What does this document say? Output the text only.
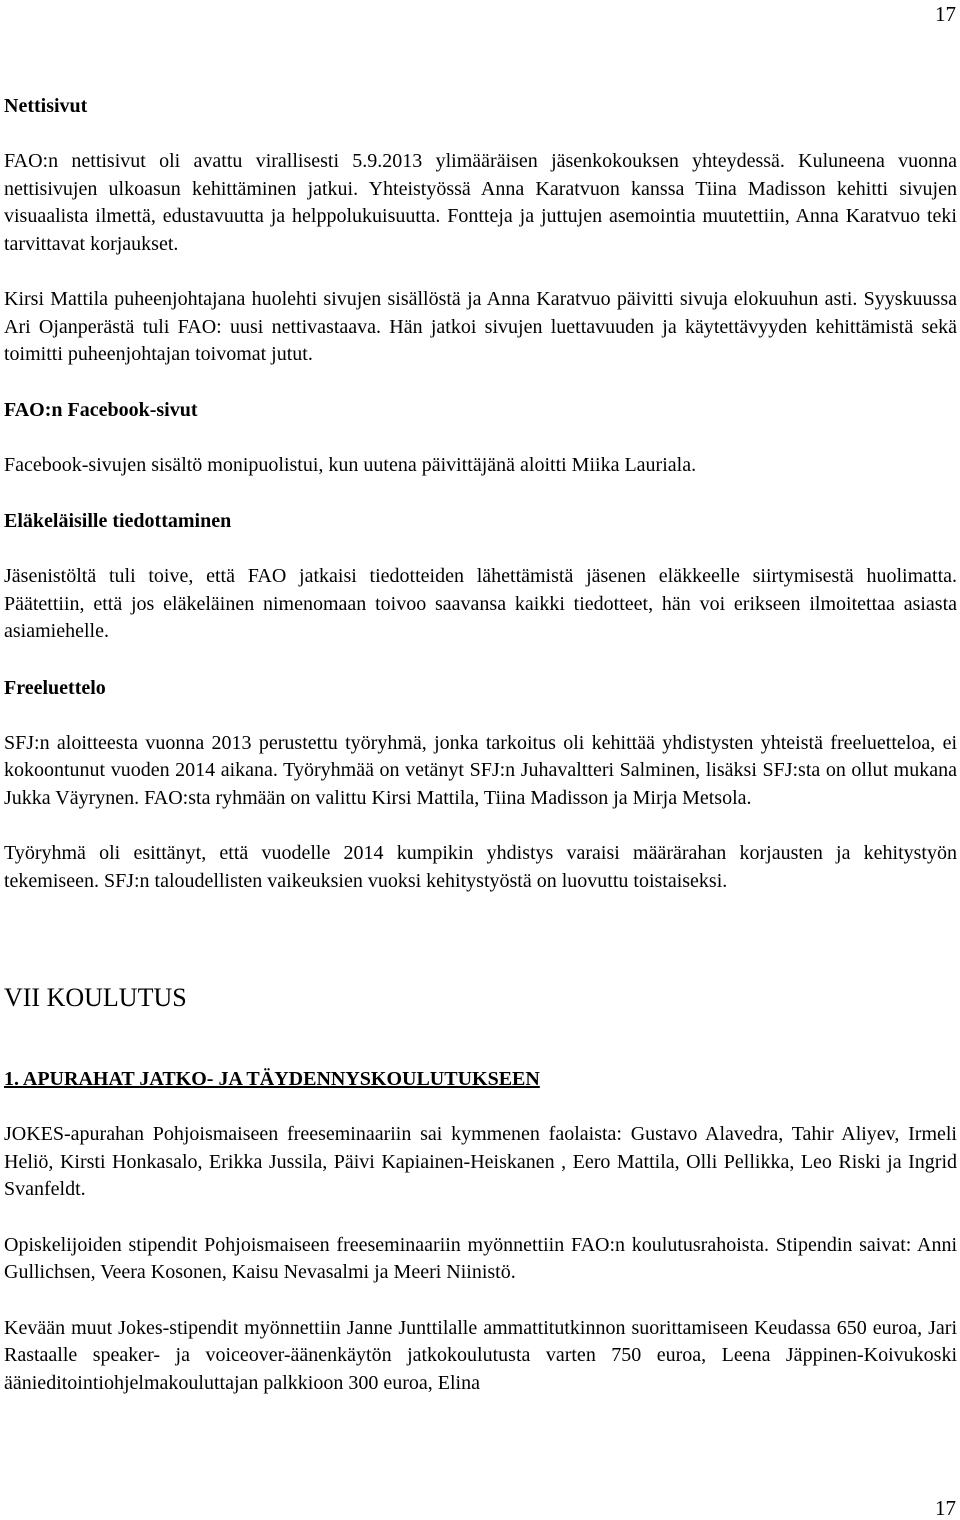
17
Nettisivut

FAO:n nettisivut oli avattu virallisesti 5.9.2013 ylimääräisen jäsenkokouksen yhteydessä. Kuluneena vuonna nettisivujen ulkoasun kehittäminen jatkui. Yhteistyössä Anna Karatvuon kanssa Tiina Madisson kehitti sivujen visuaalista ilmettä, edustavuutta ja helppolukuisuutta. Fontteja ja juttujen asemointia muutettiin, Anna Karatvuo teki tarvittavat korjaukset.

Kirsi Mattila puheenjohtajana huolehti sivujen sisällöstä ja Anna Karatvuo päivitti sivuja elokuuhun asti. Syyskuussa Ari Ojanperästä tuli FAO: uusi nettivastaava. Hän jatkoi sivujen luettavuuden ja käytettävyyden kehittämistä sekä toimitti puheenjohtajan toivomat jutut.

FAO:n Facebook-sivut

Facebook-sivujen sisältö monipuolistui, kun uutena päivittäjänä aloitti Miika Lauriala.

Eläkeläisille tiedottaminen

Jäsenistöltä tuli toive, että FAO jatkaisi tiedotteiden lähettämistä jäsenen eläkkeelle siirtymisestä huolimatta. Päätettiin, että jos eläkeläinen nimenomaan toivoo saavansa kaikki tiedotteet, hän voi erikseen ilmoitettaa asiasta asiamiehelle.

Freeluettelo

SFJ:n aloitteesta vuonna 2013 perustettu työryhmä, jonka tarkoitus oli kehittää yhdistysten yhteistä freeluetteloa, ei kokoontunut vuoden 2014 aikana. Työryhmää on vetänyt SFJ:n Juhavaltteri Salminen, lisäksi SFJ:sta on ollut mukana Jukka Väyrynen. FAO:sta ryhmään on valittu Kirsi Mattila, Tiina Madisson ja Mirja Metsola.

Työryhmä oli esittänyt, että vuodelle 2014 kumpikin yhdistys varaisi määrärahan korjausten ja kehitystyön tekemiseen. SFJ:n taloudellisten vaikeuksien vuoksi kehitystyöstä on luovuttu toistaiseksi.

VII KOULUTUS
1. APURAHAT JATKO- JA TÄYDENNYSKOULUTUKSEEN

JOKES-apurahan Pohjoismaiseen freeseminaariin sai kymmenen faolaista: Gustavo Alavedra, Tahir Aliyev, Irmeli Heliö, Kirsti Honkasalo, Erikka Jussila, Päivi Kapiainen-Heiskanen , Eero Mattila, Olli Pellikka, Leo Riski ja Ingrid Svanfeldt.

Opiskelijoiden stipendit Pohjoismaiseen freeseminaariin myönnettiin FAO:n koulutusrahoista. Stipendin saivat: Anni Gullichsen, Veera Kosonen, Kaisu Nevasalmi ja Meeri Niinistö.

Kevään muut Jokes-stipendit myönnettiin Janne Junttilalle ammattitutkinnon suorittamiseen Keudassa 650 euroa, Jari Rastaalle speaker- ja voiceover-äänenkäytön jatkokoulutusta varten 750 euroa, Leena Jäppinen-Koivukoski äänieditointiohjelmakouluttajan palkkioon 300 euroa, Elina

17
